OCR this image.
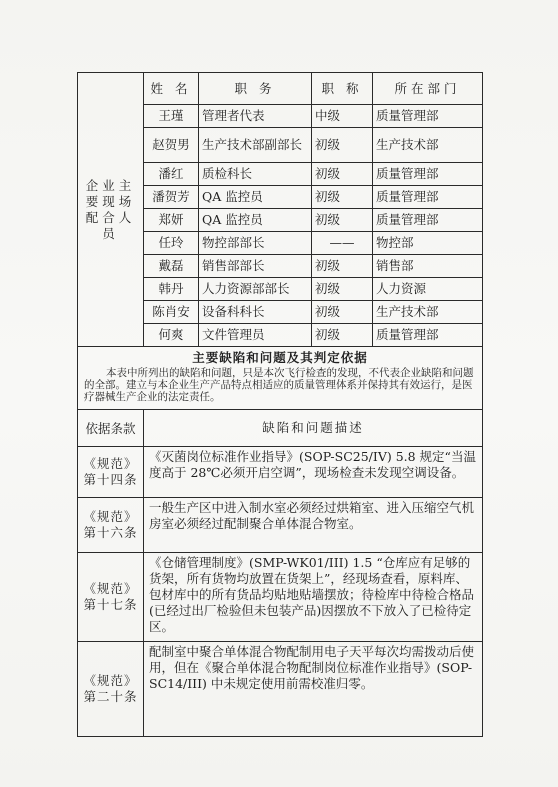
企业主要现场配合人员	姓 名	职 务	职 称	所在部门
	王瑾	管理者代表	中级	质量管理部
	赵贺男	生产技术部副部长	初级	生产技术部
	潘红	质检科长	初级	质量管理部
	潘贺芳	QA 监控员	初级	质量管理部
	郑妍	QA 监控员	初级	质量管理部
	任玲	物控部部长	——	物控部
	戴磊	销售部部长	初级	销售部
	韩丹	人力资源部部长	初级	人力资源
	陈肖安	设备科科长	初级	生产技术部
	何爽	文件管理员	初级	质量管理部

主要缺陷和问题及其判定依据
本表中所列出的缺陷和问题，只是本次飞行检查的发现，不代表企业缺陷和问题的全部。建立与本企业生产产品特点相适应的质量管理体系并保持其有效运行，是医疗器械生产企业的法定责任。				

依据条款	缺陷和问题描述			
《规范》第十四条	《灭菌岗位标准作业指导》(SOP-SC25/IV) 5.8 规定“当温度高于 28℃必须开启空调”，现场检查未发现空调设备。			
《规范》第十六条	一般生产区中进入制水室必须经过烘箱室、进入压缩空气机房室必须经过配制聚合单体混合物室。			
《规范》第十七条	《仓储管理制度》(SMP-WK01/III) 1.5 “仓库应有足够的货架，所有货物均放置在货架上”，经现场查看，原料库、包材库中的所有货品均贴地贴墙摆放；待检库中待检合格品(已经过出厂检验但未包装产品)因摆放不下放入了已检待定区。			
《规范》第二十条	配制室中聚合单体混合物配制用电子天平每次均需拨动后使用，但在《聚合单体混合物配制岗位标准作业指导》(SOP-SC14/III) 中未规定使用前需校准归零。			
